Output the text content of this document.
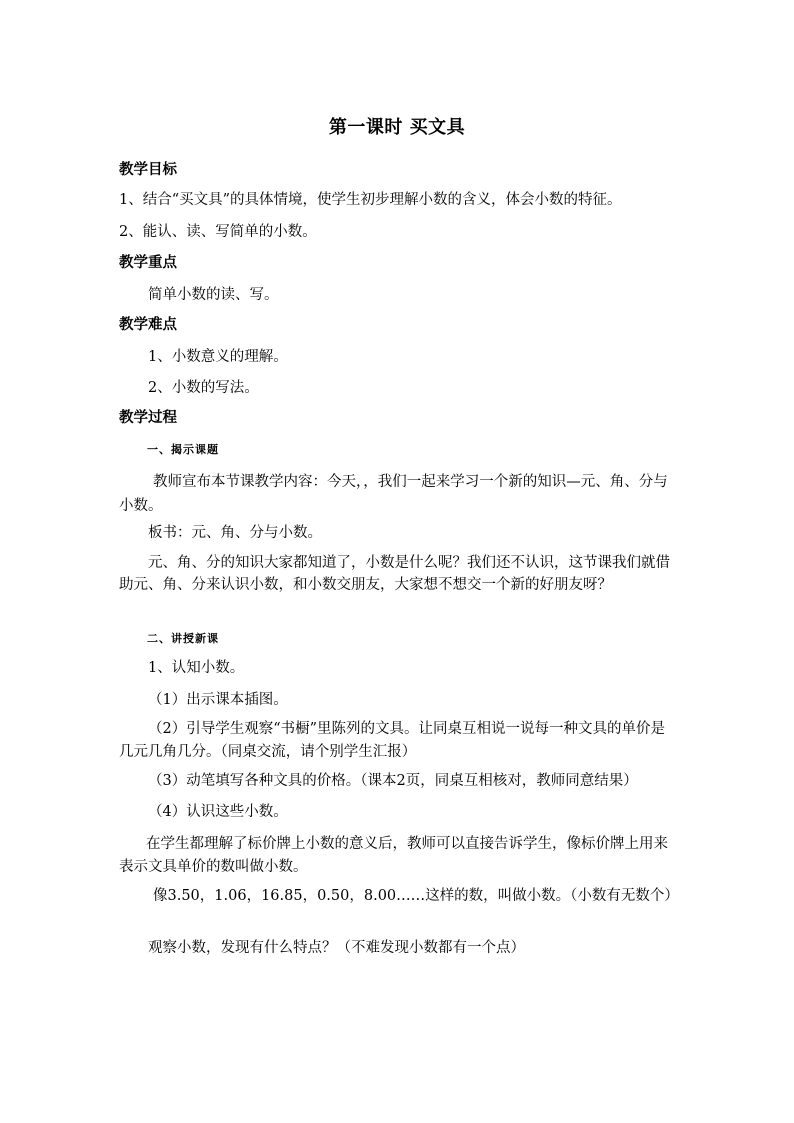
第一课时 买文具
教学目标
1、结合“买文具”的具体情境，使学生初步理解小数的含义，体会小数的特征。
2、能认、读、写简单的小数。
教学重点
简单小数的读、写。
教学难点
1、小数意义的理解。
2、小数的写法。
教学过程
一、揭示课题
教师宣布本节课教学内容：今天，，我们一起来学习一个新的知识—元、角、分与小数。
板书：元、角、分与小数。
元、角、分的知识大家都知道了，小数是什么呢？我们还不认识，这节课我们就借助元、角、分来认识小数，和小数交朋友，大家想不想交一个新的好朋友呀？
二、讲授新课
1、认知小数。
（1）出示课本插图。
（2）引导学生观察“书橱”里陈列的文具。让同桌互相说一说每一种文具的单价是几元几角几分。（同桌交流，请个别学生汇报）
（3）动笔填写各种文具的价格。（课本2页，同桌互相核对，教师同意结果）
（4）认识这些小数。
在学生都理解了标价牌上小数的意义后，教师可以直接告诉学生，像标价牌上用来表示文具单价的数叫做小数。
像3.50，1.06，16.85，0.50，8.00……这样的数，叫做小数。（小数有无数个）
观察小数，发现有什么特点？（不难发现小数都有一个点）
